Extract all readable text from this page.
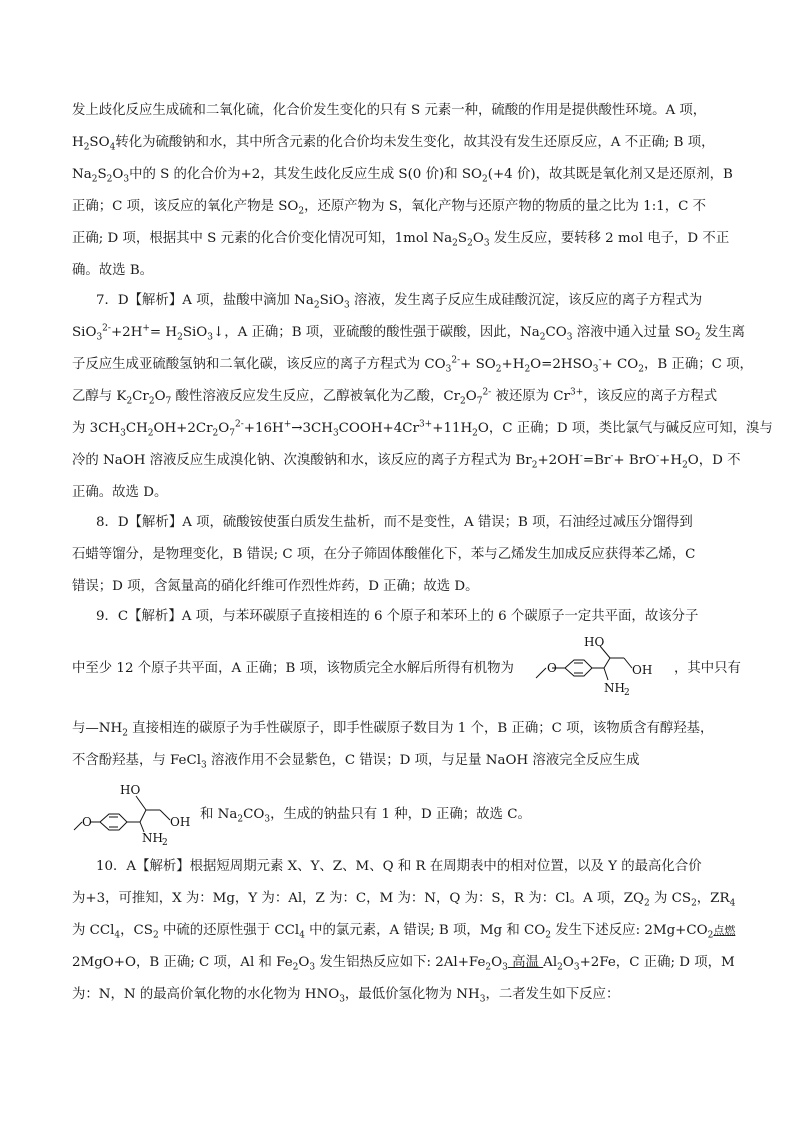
发上歧化反应生成硫和二氧化硫，化合价发生变化的只有 S 元素一种，硫酸的作用是提供酸性环境。A 项，
$H_2SO_4$转化为硫酸钠和水，其中所含元素的化合价均未发生变化，故其没有发生还原反应，A 不正确; B 项，
$Na_2S_2O_3$中的 S 的化合价为+2，其发生歧化反应生成 S(0 价)和 $SO_2(+4$ 价)，故其既是氧化剂又是还原剂，B
正确；C 项，该反应的氧化产物是 $SO_2$，还原产物为 S，氧化产物与还原产物的物质的量之比为 1:1，C 不
正确; D 项，根据其中 S 元素的化合价变化情况可知，1mol $Na_2S_2O_3$ 发生反应，要转移 2 mol 电子，D 不正
确。故选 B。
7．D【解析】A 项，盐酸中滴加 $Na_2SiO_3$ 溶液，发生离子反应生成硅酸沉淀，该反应的离子方程式为
$SiO_3^{2-}+2H^+= H_2SiO_3↓$，A 正确；B 项，亚硫酸的酸性强于碳酸，因此，$Na_2CO_3$ 溶液中通入过量 $SO_2$ 发生离
子反应生成亚硫酸氢钠和二氧化碳，该反应的离子方程式为 $CO_3^{2-}+ SO_2+H_2O=2HSO_3^-+ CO_2$，B 正确；C 项，
乙醇与 $K_2Cr_2O_7$ 酸性溶液反应发生反应，乙醇被氧化为乙酸，$Cr_2O_7^{2-}$ 被还原为 $Cr^{3+}$，该反应的离子方程式
为 $3CH_3CH_2OH+2Cr_2O_7^{2-}+16H^+\to 3CH_3COOH+4Cr^{3+}+11H_2O$，C 正确；D 项，类比氯气与碱反应可知，溴与
冷的 NaOH 溶液反应生成溴化钠、次溴酸钠和水，该反应的离子方程式为 $Br_2+2OH^-=Br^-+ BrO^-+H_2O$，D 不
正确。故选 D。
8．D【解析】A 项，硫酸铵使蛋白质发生盐析，而不是变性，A 错误；B 项，石油经过减压分馏得到
石蜡等馏分，是物理变化，B 错误; C 项，在分子筛固体酸催化下，苯与乙烯发生加成反应获得苯乙烯，C
错误；D 项，含氮量高的硝化纤维可作烈性炸药，D 正确；故选 D。
9．C【解析】A 项，与苯环碳原子直接相连的 6 个原子和苯环上的 6 个碳原子一定共平面，故该分子
中至少 12 个原子共平面，A 正确；B 项，该物质完全水解后所得有机物为	，其中只有
O
HO
OH
NH 2
与$—NH_2$ 直接相连的碳原子为手性碳原子，即手性碳原子数目为 1 个，B 正确；C 项，该物质含有醇羟基，
不含酚羟基，与 FeCl$_3$ 溶液作用不会显紫色，C 错误；D 项，与足量 NaOH 溶液完全反应生成
O
HO
OH
NH 2
和 $Na_2CO_3$，生成的钠盐只有 1 种，D 正确；故选 C。
10．A【解析】根据短周期元素 X、Y、Z、M、Q 和 R 在周期表中的相对位置，以及 Y 的最高化合价
为+3，可推知，X 为：Mg，Y 为：Al，Z 为：C，M 为：N，Q 为：S，R 为：Cl。A 项，$ZQ_2$ 为 $CS_2$，$ZR_4$
为 CCl$_4$，$CS_2$ 中硫的还原性强于 CCl$_4$ 中的氯元素，A 错误; B 项，Mg 和 $CO_2$ 发生下述反应: $2Mg+CO_2$点燃
2MgO+O，B 正确; C 项，Al 和 $Fe_2O_3$ 发生铝热反应如下: $2Al+Fe_2O_3$ 高温 $Al_2O_3+2Fe$，C 正确; D 项，M
为：N，N 的最高价氧化物的水化物为 $HNO_3$，最低价氢化物为 $NH_3$，二者发生如下反应：
